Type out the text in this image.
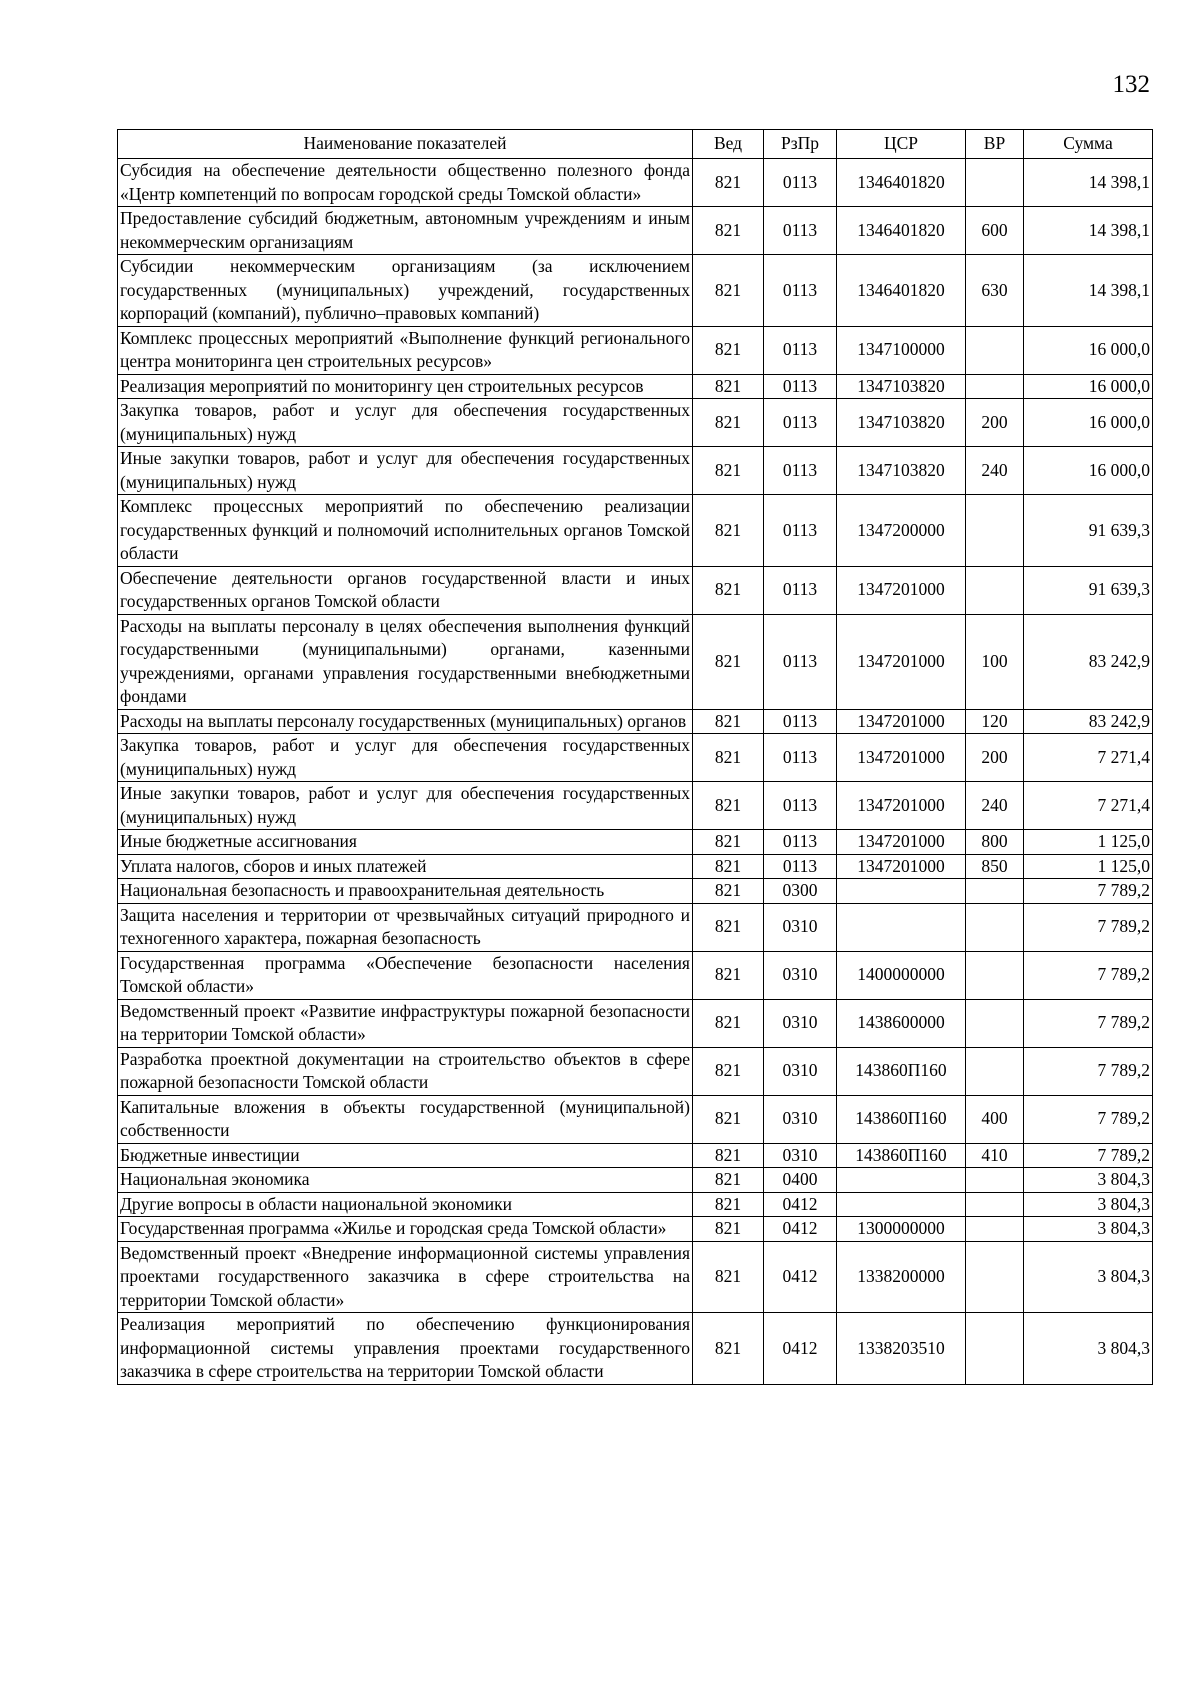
132
Наименование показателей	Вед	РзПр	ЦСР	ВР	Сумма
Субсидия на обеспечение деятельности общественно полезного фонда «Центр компетенций по вопросам городской среды Томской области»	821	0113	1346401820		14 398,1
Предоставление субсидий бюджетным, автономным учреждениям и иным некоммерческим организациям	821	0113	1346401820	600	14 398,1
Субсидии некоммерческим организациям (за исключением государственных (муниципальных) учреждений, государственных корпораций (компаний), публично–правовых компаний)	821	0113	1346401820	630	14 398,1
Комплекс процессных мероприятий «Выполнение функций регионального центра мониторинга цен строительных ресурсов»	821	0113	1347100000		16 000,0
Реализация мероприятий по мониторингу цен строительных ресурсов	821	0113	1347103820		16 000,0
Закупка товаров, работ и услуг для обеспечения государственных (муниципальных) нужд	821	0113	1347103820	200	16 000,0
Иные закупки товаров, работ и услуг для обеспечения государственных (муниципальных) нужд	821	0113	1347103820	240	16 000,0
Комплекс процессных мероприятий по обеспечению реализации государственных функций и полномочий исполнительных органов Томской области	821	0113	1347200000		91 639,3
Обеспечение деятельности органов государственной власти и иных государственных органов Томской области	821	0113	1347201000		91 639,3
Расходы на выплаты персоналу в целях обеспечения выполнения функций государственными (муниципальными) органами, казенными учреждениями, органами управления государственными внебюджетными фондами	821	0113	1347201000	100	83 242,9
Расходы на выплаты персоналу государственных (муниципальных) органов	821	0113	1347201000	120	83 242,9
Закупка товаров, работ и услуг для обеспечения государственных (муниципальных) нужд	821	0113	1347201000	200	7 271,4
Иные закупки товаров, работ и услуг для обеспечения государственных (муниципальных) нужд	821	0113	1347201000	240	7 271,4
Иные бюджетные ассигнования	821	0113	1347201000	800	1 125,0
Уплата налогов, сборов и иных платежей	821	0113	1347201000	850	1 125,0
Национальная безопасность и правоохранительная деятельность	821	0300			7 789,2
Защита населения и территории от чрезвычайных ситуаций природного и техногенного характера, пожарная безопасность	821	0310			7 789,2
Государственная программа «Обеспечение безопасности населения Томской области»	821	0310	1400000000		7 789,2
Ведомственный проект «Развитие инфраструктуры пожарной безопасности на территории Томской области»	821	0310	1438600000		7 789,2
Разработка проектной документации на строительство объектов в сфере пожарной безопасности Томской области	821	0310	143860П160		7 789,2
Капитальные вложения в объекты государственной (муниципальной) собственности	821	0310	143860П160	400	7 789,2
Бюджетные инвестиции	821	0310	143860П160	410	7 789,2
Национальная экономика	821	0400			3 804,3
Другие вопросы в области национальной экономики	821	0412			3 804,3
Государственная программа «Жилье и городская среда Томской области»	821	0412	1300000000		3 804,3
Ведомственный проект «Внедрение информационной системы управления проектами государственного заказчика в сфере строительства на территории Томской области»	821	0412	1338200000		3 804,3
Реализация мероприятий по обеспечению функционирования информационной системы управления проектами государственного заказчика в сфере строительства на территории Томской области	821	0412	1338203510		3 804,3
